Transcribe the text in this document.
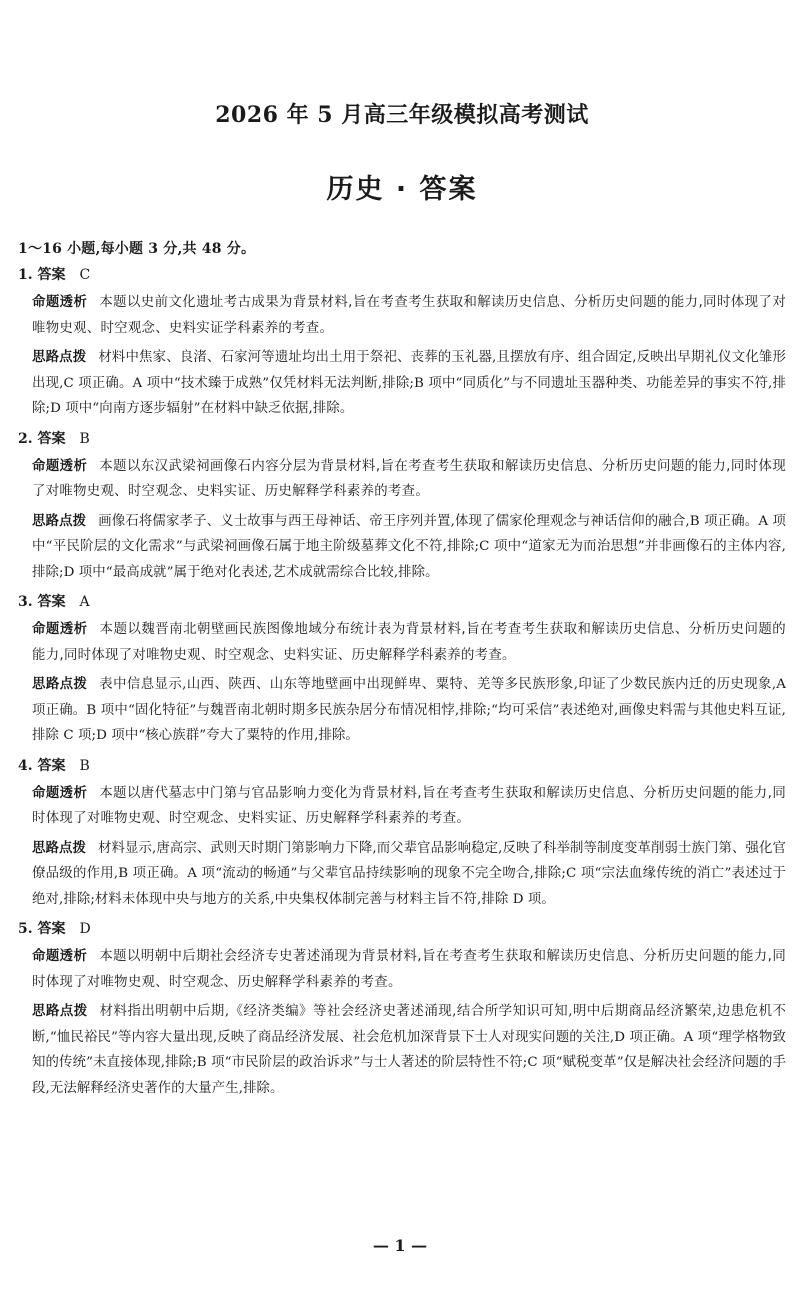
2026 年 5 月高三年级模拟高考测试
历史 · 答案
1～16 小题,每小题 3 分,共 48 分。
1. 答案 C

命题透析 本题以史前文化遗址考古成果为背景材料,旨在考查考生获取和解读历史信息、分析历史问题的能力,同时体现了对唯物史观、时空观念、史料实证学科素养的考查。

思路点拨 材料中焦家、良渚、石家河等遗址均出土用于祭祀、丧葬的玉礼器,且摆放有序、组合固定,反映出早期礼仪文化雏形出现,C 项正确。A 项中“技术臻于成熟”仅凭材料无法判断,排除;B 项中“同质化”与不同遗址玉器种类、功能差异的事实不符,排除;D 项中“向南方逐步辐射”在材料中缺乏依据,排除。

2. 答案 B

命题透析 本题以东汉武梁祠画像石内容分层为背景材料,旨在考查考生获取和解读历史信息、分析历史问题的能力,同时体现了对唯物史观、时空观念、史料实证、历史解释学科素养的考查。

思路点拨 画像石将儒家孝子、义士故事与西王母神话、帝王序列并置,体现了儒家伦理观念与神话信仰的融合,B 项正确。A 项中“平民阶层的文化需求”与武梁祠画像石属于地主阶级墓葬文化不符,排除;C 项中“道家无为而治思想”并非画像石的主体内容,排除;D 项中“最高成就”属于绝对化表述,艺术成就需综合比较,排除。

3. 答案 A

命题透析 本题以魏晋南北朝壁画民族图像地域分布统计表为背景材料,旨在考查考生获取和解读历史信息、分析历史问题的能力,同时体现了对唯物史观、时空观念、史料实证、历史解释学科素养的考查。

思路点拨 表中信息显示,山西、陕西、山东等地壁画中出现鲜卑、粟特、羌等多民族形象,印证了少数民族内迁的历史现象,A 项正确。B 项中“固化特征”与魏晋南北朝时期多民族杂居分布情况相悖,排除;“均可采信”表述绝对,画像史料需与其他史料互证,排除 C 项;D 项中“核心族群”夸大了粟特的作用,排除。

4. 答案 B

命题透析 本题以唐代墓志中门第与官品影响力变化为背景材料,旨在考查考生获取和解读历史信息、分析历史问题的能力,同时体现了对唯物史观、时空观念、史料实证、历史解释学科素养的考查。

思路点拨 材料显示,唐高宗、武则天时期门第影响力下降,而父辈官品影响稳定,反映了科举制等制度变革削弱士族门第、强化官僚品级的作用,B 项正确。A 项“流动的畅通”与父辈官品持续影响的现象不完全吻合,排除;C 项“宗法血缘传统的消亡”表述过于绝对,排除;材料未体现中央与地方的关系,中央集权体制完善与材料主旨不符,排除 D 项。

5. 答案 D

命题透析 本题以明朝中后期社会经济专史著述涌现为背景材料,旨在考查考生获取和解读历史信息、分析历史问题的能力,同时体现了对唯物史观、时空观念、历史解释学科素养的考查。

思路点拨 材料指出明朝中后期,《经济类编》等社会经济史著述涌现,结合所学知识可知,明中后期商品经济繁荣,边患危机不断,“恤民裕民”等内容大量出现,反映了商品经济发展、社会危机加深背景下士人对现实问题的关注,D 项正确。A 项“理学格物致知的传统”未直接体现,排除;B 项“市民阶层的政治诉求”与士人著述的阶层特性不符;C 项“赋税变革”仅是解决社会经济问题的手段,无法解释经济史著作的大量产生,排除。

— 1 —
